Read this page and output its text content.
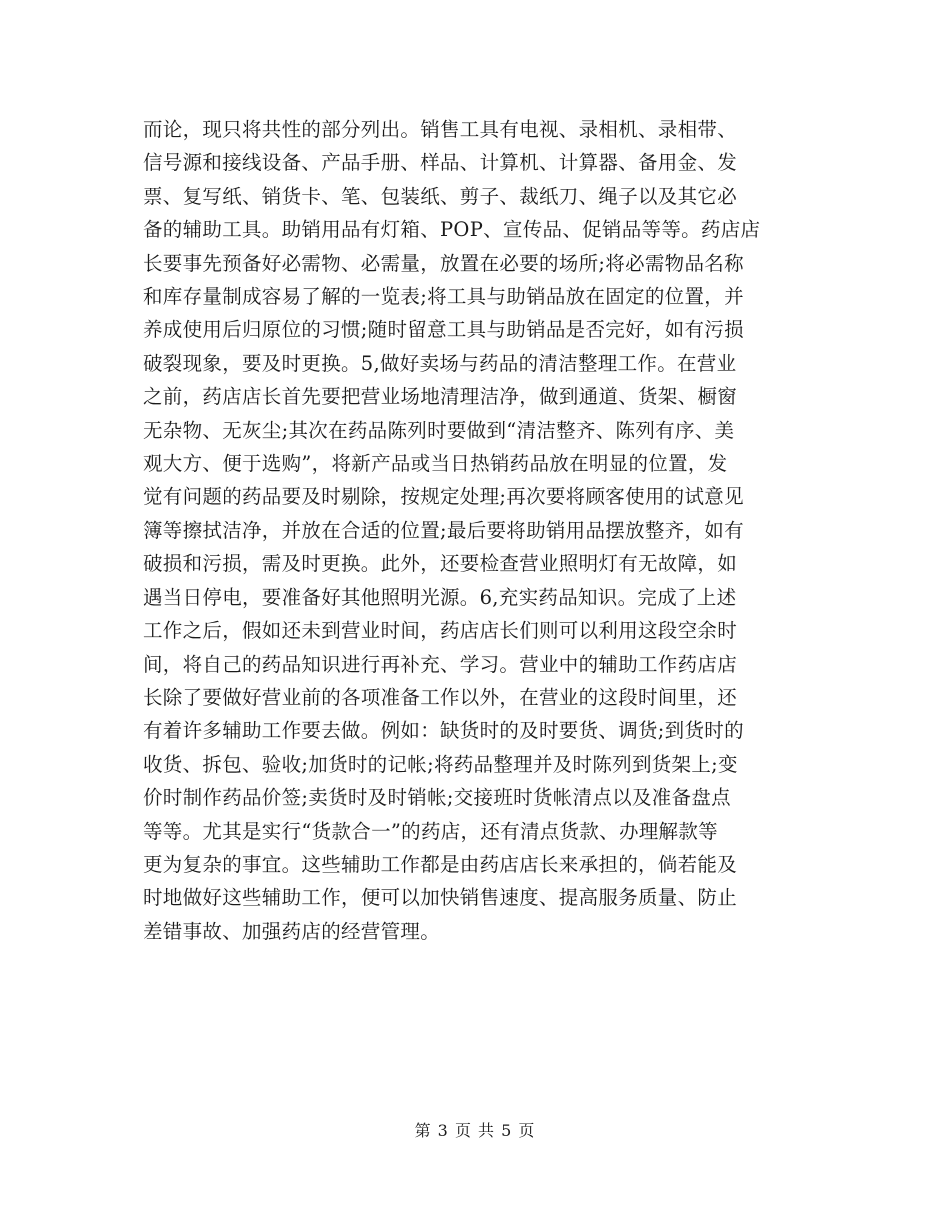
而论，现只将共性的部分列出。销售工具有电视、录相机、录相带、
信号源和接线设备、产品手册、样品、计算机、计算器、备用金、发
票、复写纸、销货卡、笔、包装纸、剪子、裁纸刀、绳子以及其它必
备的辅助工具。助销用品有灯箱、POP、宣传品、促销品等等。药店店
长要事先预备好必需物、必需量，放置在必要的场所;将必需物品名称
和库存量制成容易了解的一览表;将工具与助销品放在固定的位置，并
养成使用后归原位的习惯;随时留意工具与助销品是否完好，如有污损
破裂现象，要及时更换。5,做好卖场与药品的清洁整理工作。在营业
之前，药店店长首先要把营业场地清理洁净，做到通道、货架、橱窗
无杂物、无灰尘;其次在药品陈列时要做到“清洁整齐、陈列有序、美
观大方、便于选购”，将新产品或当日热销药品放在明显的位置，发
觉有问题的药品要及时剔除，按规定处理;再次要将顾客使用的试意见
簿等擦拭洁净，并放在合适的位置;最后要将助销用品摆放整齐，如有
破损和污损，需及时更换。此外，还要检查营业照明灯有无故障，如
遇当日停电，要准备好其他照明光源。6,充实药品知识。完成了上述
工作之后，假如还未到营业时间，药店店长们则可以利用这段空余时
间，将自己的药品知识进行再补充、学习。营业中的辅助工作药店店
长除了要做好营业前的各项准备工作以外，在营业的这段时间里，还
有着许多辅助工作要去做。例如：缺货时的及时要货、调货;到货时的
收货、拆包、验收;加货时的记帐;将药品整理并及时陈列到货架上;变
价时制作药品价签;卖货时及时销帐;交接班时货帐清点以及准备盘点
等等。尤其是实行“货款合一”的药店，还有清点货款、办理解款等
更为复杂的事宜。这些辅助工作都是由药店店长来承担的，倘若能及
时地做好这些辅助工作，便可以加快销售速度、提高服务质量、防止
差错事故、加强药店的经营管理。

第 3 页 共 5 页
